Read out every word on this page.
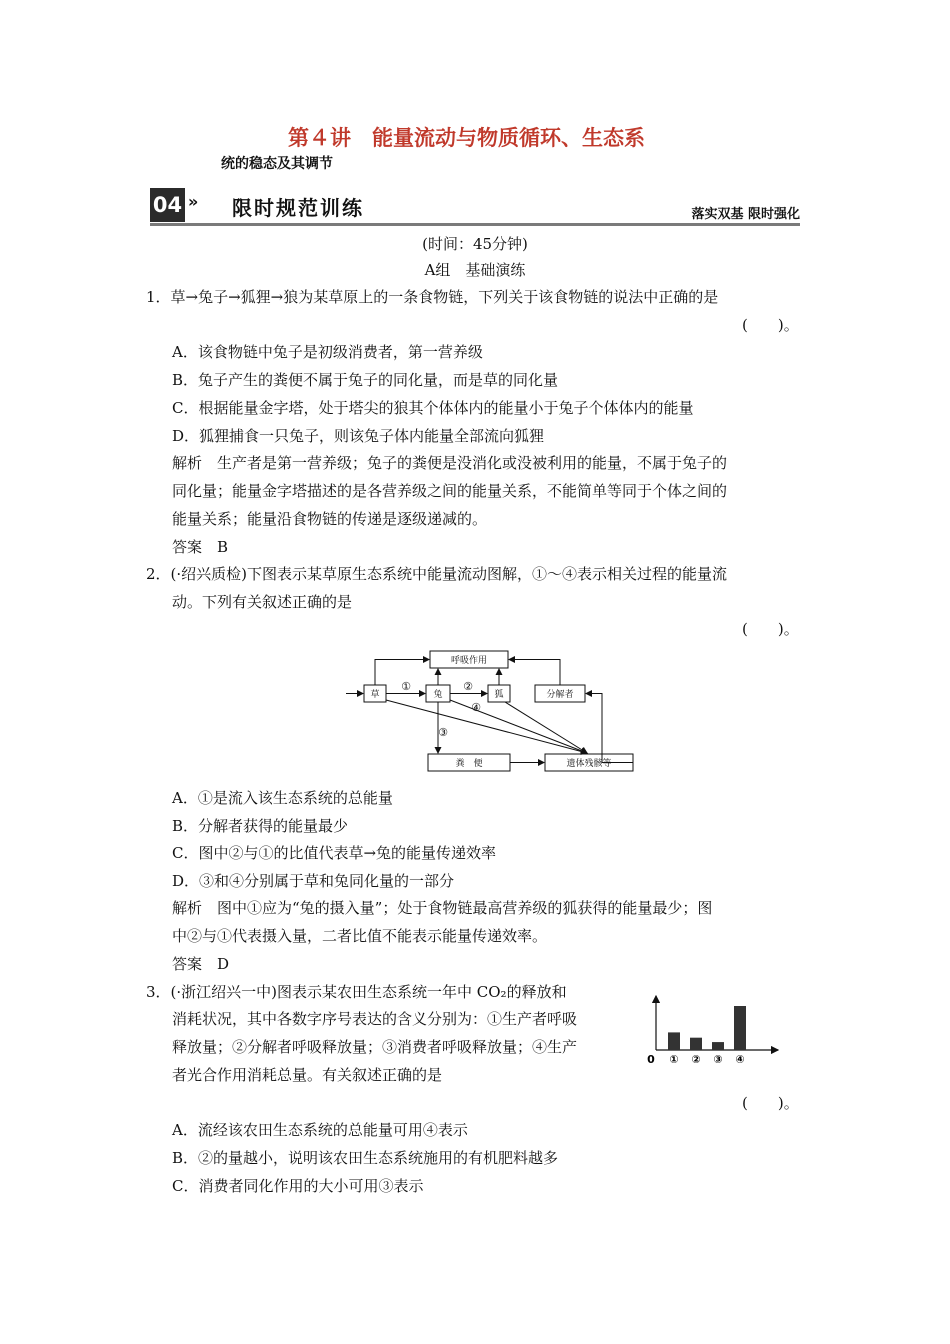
第４讲　能量流动与物质循环、生态系
统的稳态及其调节
04 » 限时规范训练	落实双基 限时强化
(时间：45分钟)
A组　基础演练
1．草→兔子→狐狸→狼为某草原上的一条食物链，下列关于该食物链的说法中正确的是
(　　)。
A．该食物链中兔子是初级消费者，第一营养级
B．兔子产生的粪便不属于兔子的同化量，而是草的同化量
C．根据能量金字塔，处于塔尖的狼其个体体内的能量小于兔子个体体内的能量
D．狐狸捕食一只兔子，则该兔子体内能量全部流向狐狸
解析　生产者是第一营养级；兔子的粪便是没消化或没被利用的能量，不属于兔子的
同化量；能量金字塔描述的是各营养级之间的能量关系，不能简单等同于个体之间的
能量关系；能量沿食物链的传递是逐级递减的。
答案　B
2．(·绍兴质检)下图表示某草原生态系统中能量流动图解，①～④表示相关过程的能量流
动。下列有关叙述正确的是
(　　)。
呼吸作用
草	兔	狐	分解者
粪　便	遗体残骸等
①	②
③
④
A．①是流入该生态系统的总能量
B．分解者获得的能量最少
C．图中②与①的比值代表草→兔的能量传递效率
D．③和④分别属于草和兔同化量的一部分
解析　图中①应为“兔的摄入量”；处于食物链最高营养级的狐获得的能量最少；图
中②与①代表摄入量，二者比值不能表示能量传递效率。
答案　D
3．(·浙江绍兴一中)图表示某农田生态系统一年中 CO₂的释放和
消耗状况，其中各数字序号表达的含义分别为：①生产者呼吸
释放量；②分解者呼吸释放量；③消费者呼吸释放量；④生产
者光合作用消耗总量。有关叙述正确的是
0 ① ② ③ ④
(　　)。
A．流经该农田生态系统的总能量可用④表示
B．②的量越小，说明该农田生态系统施用的有机肥料越多
C．消费者同化作用的大小可用③表示
